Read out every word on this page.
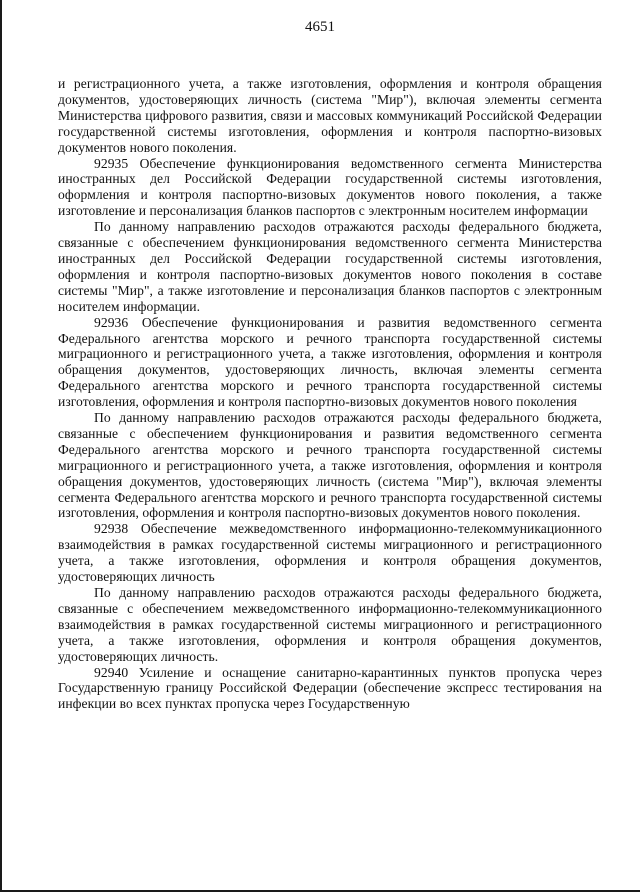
4651

и регистрационного учета, а также изготовления, оформления и контроля обращения документов, удостоверяющих личность (система "Мир"), включая элементы сегмента Министерства цифрового развития, связи и массовых коммуникаций Российской Федерации государственной системы изготовления, оформления и контроля паспортно-визовых документов нового поколения.

92935 Обеспечение функционирования ведомственного сегмента Министерства иностранных дел Российской Федерации государственной системы изготовления, оформления и контроля паспортно-визовых документов нового поколения, а также изготовление и персонализация бланков паспортов с электронным носителем информации

По данному направлению расходов отражаются расходы федерального бюджета, связанные с обеспечением функционирования ведомственного сегмента Министерства иностранных дел Российской Федерации государственной системы изготовления, оформления и контроля паспортно-визовых документов нового поколения в составе системы "Мир", а также изготовление и персонализация бланков паспортов с электронным носителем информации.

92936 Обеспечение функционирования и развития ведомственного сегмента Федерального агентства морского и речного транспорта государственной системы миграционного и регистрационного учета, а также изготовления, оформления и контроля обращения документов, удостоверяющих личность, включая элементы сегмента Федерального агентства морского и речного транспорта государственной системы изготовления, оформления и контроля паспортно-визовых документов нового поколения

По данному направлению расходов отражаются расходы федерального бюджета, связанные с обеспечением функционирования и развития ведомственного сегмента Федерального агентства морского и речного транспорта государственной системы миграционного и регистрационного учета, а также изготовления, оформления и контроля обращения документов, удостоверяющих личность (система "Мир"), включая элементы сегмента Федерального агентства морского и речного транспорта государственной системы изготовления, оформления и контроля паспортно-визовых документов нового поколения.

92938 Обеспечение межведомственного информационно-телекоммуникационного взаимодействия в рамках государственной системы миграционного и регистрационного учета, а также изготовления, оформления и контроля обращения документов, удостоверяющих личность

По данному направлению расходов отражаются расходы федерального бюджета, связанные с обеспечением межведомственного информационно-телекоммуникационного взаимодействия в рамках государственной системы миграционного и регистрационного учета, а также изготовления, оформления и контроля обращения документов, удостоверяющих личность.

92940 Усиление и оснащение санитарно-карантинных пунктов пропуска через Государственную границу Российской Федерации (обеспечение экспресс тестирования на инфекции во всех пунктах пропуска через Государственную
